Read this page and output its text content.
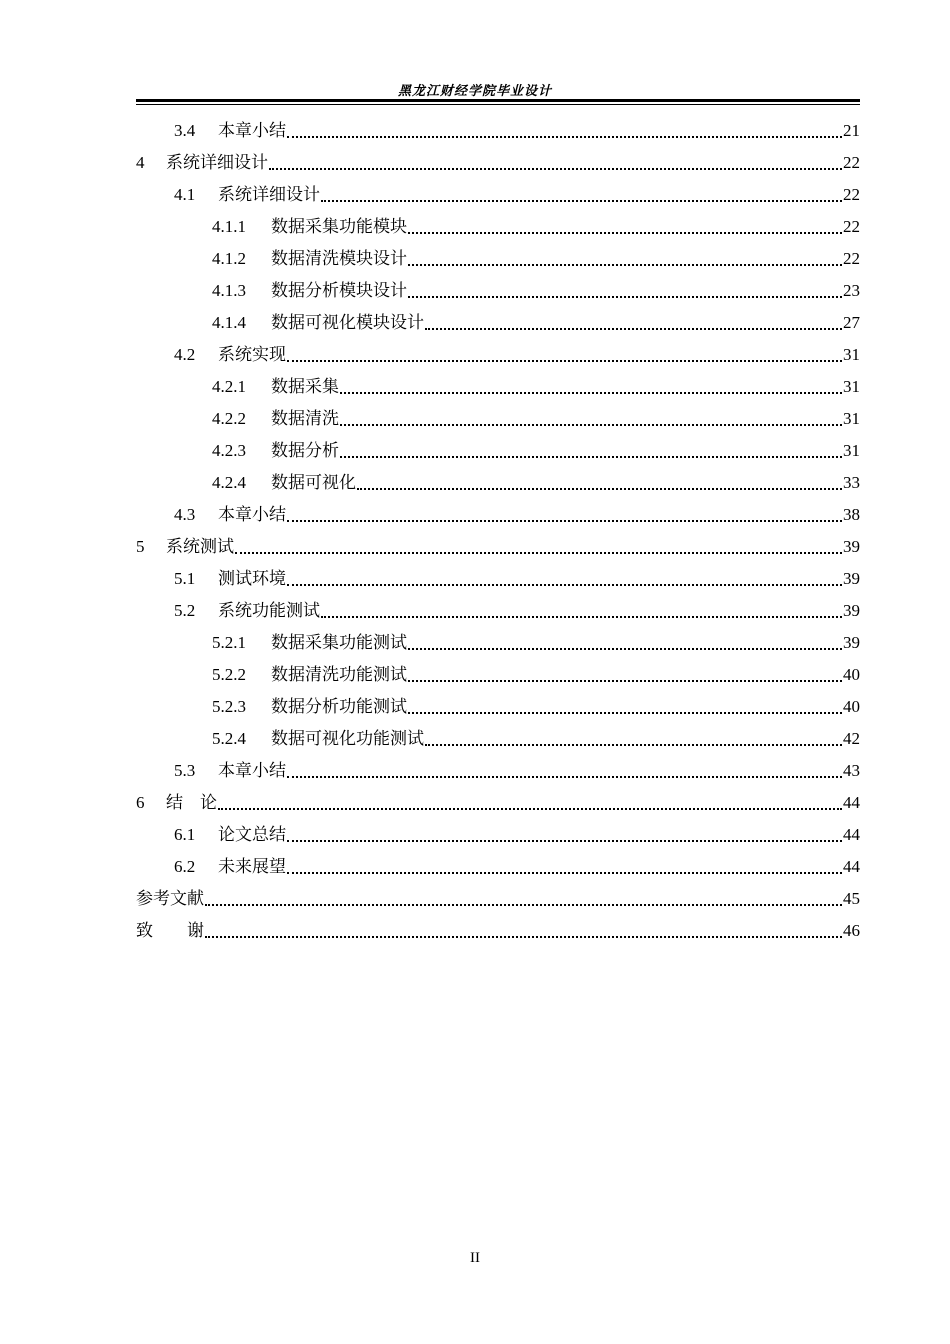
黑龙江财经学院毕业设计
3.4	本章小结	21
4	系统详细设计	22
4.1	系统详细设计	22
4.1.1	数据采集功能模块	22
4.1.2	数据清洗模块设计	22
4.1.3	数据分析模块设计	23
4.1.4	数据可视化模块设计	27
4.2	系统实现	31
4.2.1	数据采集	31
4.2.2	数据清洗	31
4.2.3	数据分析	31
4.2.4	数据可视化	33
4.3	本章小结	38
5	系统测试	39
5.1	测试环境	39
5.2	系统功能测试	39
5.2.1	数据采集功能测试	39
5.2.2	数据清洗功能测试	40
5.2.3	数据分析功能测试	40
5.2.4	数据可视化功能测试	42
5.3	本章小结	43
6	结　论	44
6.1	论文总结	44
6.2	未来展望	44
参考文献	45
致　　谢	46
II
